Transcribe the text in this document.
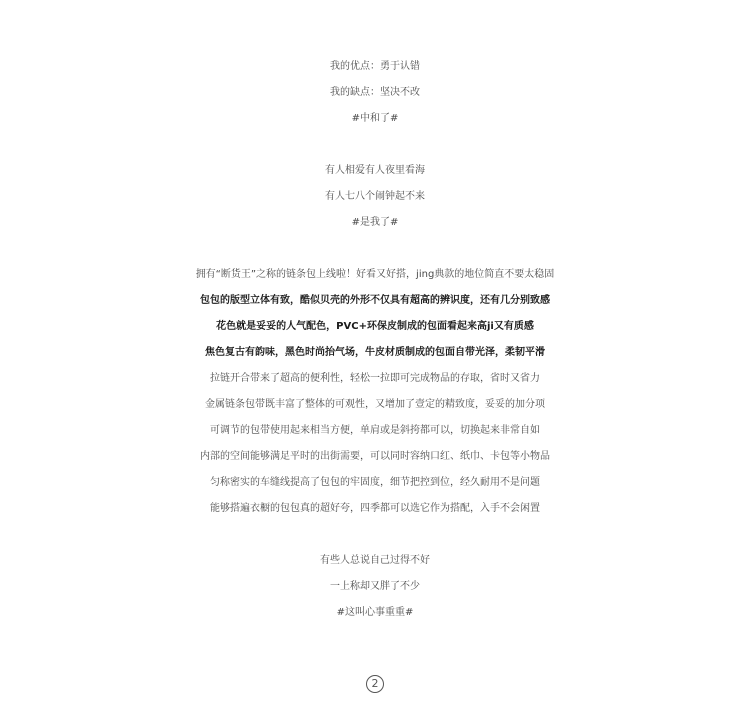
我的优点：勇于认错
我的缺点：坚决不改
#中和了#
有人相爱有人夜里看海
有人七八个闹钟起不来
#是我了#
拥有“断货王”之称的链条包上线啦！好看又好搭，jing典款的地位简直不要太稳固
包包的版型立体有致，酷似贝壳的外形不仅具有超高的辨识度，还有几分别致感
花色就是妥妥的人气配色，PVC+环保皮制成的包面看起来高ji又有质感
焦色复古有韵味，黑色时尚抬气场，牛皮材质制成的包面自带光泽，柔韧平滑
拉链开合带来了超高的便利性，轻松一拉即可完成物品的存取，省时又省力
金属链条包带既丰富了整体的可观性，又增加了壹定的精致度，妥妥的加分项
可调节的包带使用起来相当方便，单肩或是斜挎都可以，切换起来非常自如
内部的空间能够满足平时的出街需要，可以同时容纳口红、纸巾、卡包等小物品
匀称密实的车缝线提高了包包的牢固度，细节把控到位，经久耐用不是问题
能够搭遍衣橱的包包真的超好夸，四季都可以选它作为搭配，入手不会闲置
有些人总说自己过得不好
一上称却又胖了不少
#这叫心事重重#
2
